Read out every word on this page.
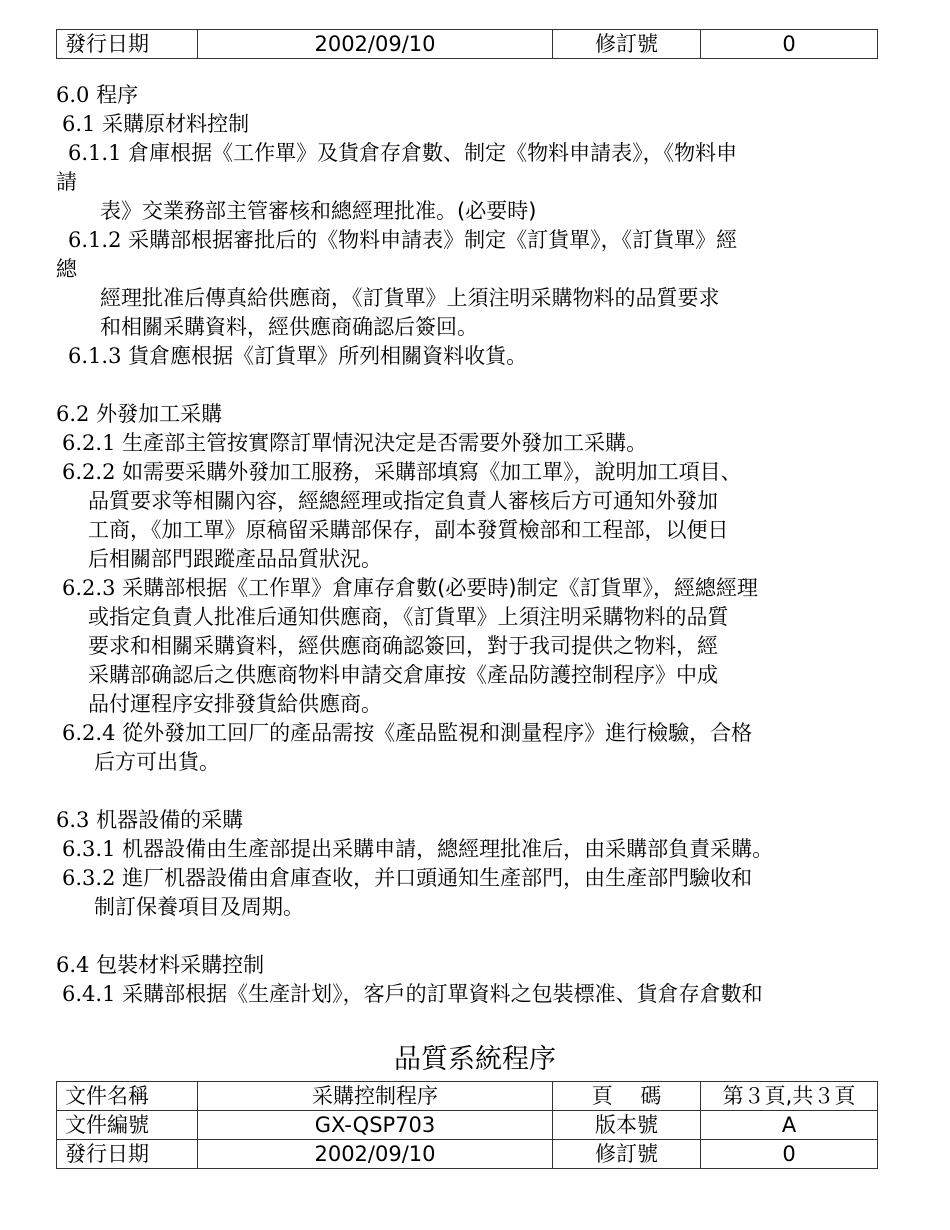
發行日期	2002/09/10	修訂號	0
6.0 程序
6.1 采購原材料控制
6.1.1 倉庫根据《工作單》及貨倉存倉數、制定《物料申請表》，《物料申
請
表》交業務部主管審核和總經理批准。(必要時)
6.1.2 采購部根据審批后的《物料申請表》制定《訂貨單》，《訂貨單》經
總
經理批准后傳真給供應商，《訂貨單》上須注明采購物料的品質要求
和相關采購資料，經供應商确認后簽回。
6.1.3 貨倉應根据《訂貨單》所列相關資料收貨。
6.2 外發加工采購
6.2.1 生產部主管按實際訂單情況決定是否需要外發加工采購。
6.2.2 如需要采購外發加工服務，采購部填寫《加工單》，說明加工項目、
品質要求等相關內容，經總經理或指定負責人審核后方可通知外發加
工商，《加工單》原稿留采購部保存，副本發質檢部和工程部，以便日
后相關部門跟蹤產品品質狀況。
6.2.3 采購部根据《工作單》倉庫存倉數(必要時)制定《訂貨單》，經總經理
或指定負責人批准后通知供應商，《訂貨單》上須注明采購物料的品質
要求和相關采購資料，經供應商确認簽回，對于我司提供之物料，經
采購部确認后之供應商物料申請交倉庫按《產品防護控制程序》中成
品付運程序安排發貨給供應商。
6.2.4 從外發加工回厂的產品需按《產品監視和測量程序》進行檢驗，合格
后方可出貨。
6.3 机器設備的采購
6.3.1 机器設備由生產部提出采購申請，總經理批准后，由采購部負責采購。
6.3.2 進厂机器設備由倉庫查收，并口頭通知生產部門，由生產部門驗收和
制訂保養項目及周期。
6.4 包裝材料采購控制
6.4.1 采購部根据《生產計划》，客戶的訂單資料之包裝標准、貨倉存倉數和
品質系統程序
文件名稱	采購控制程序	頁　 碼	第３頁,共３頁
文件編號	GX-QSP703	版本號	A
發行日期	2002/09/10	修訂號	0
